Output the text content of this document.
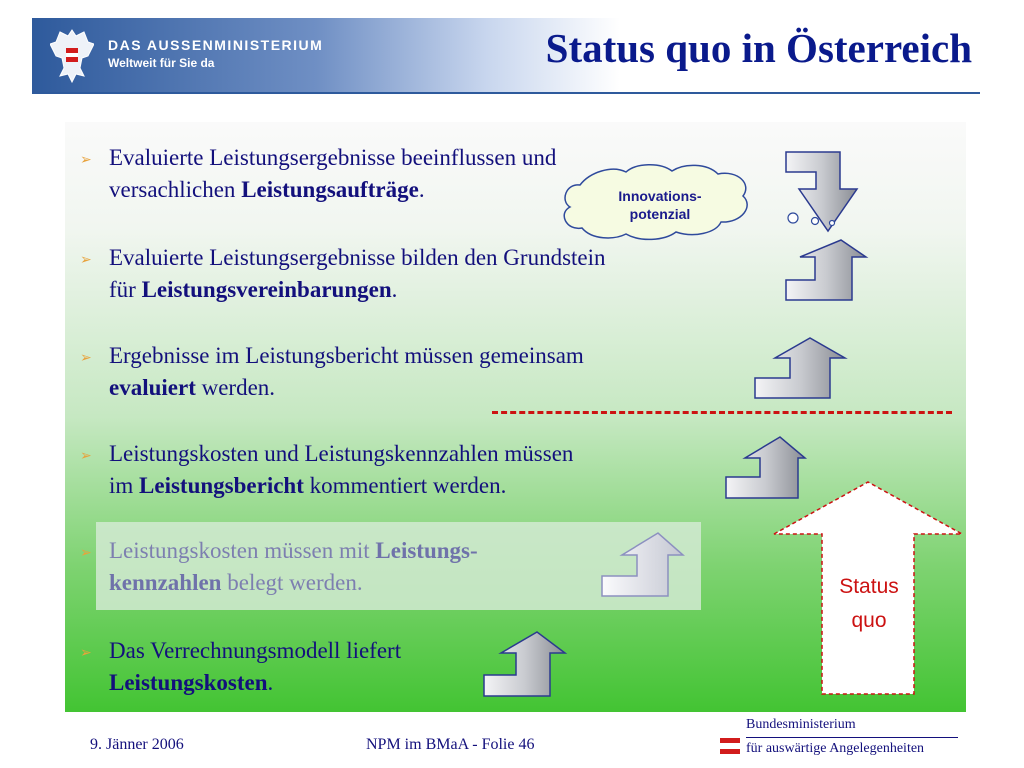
DAS AUSSENMINISTERIUM
Weltweit für Sie da	Status quo in Österreich
➢ Evaluierte Leistungsergebnisse beeinflussen und
versachlichen Leistungsaufträge.
➢ Evaluierte Leistungsergebnisse bilden den Grundstein
für Leistungsvereinbarungen.
➢ Ergebnisse im Leistungsbericht müssen gemeinsam
evaluiert werden.
➢ Leistungskosten und Leistungskennzahlen müssen
im Leistungsbericht kommentiert werden.
➢ Leistungskosten müssen mit Leistungs-
kennzahlen belegt werden.
➢ Das Verrechnungsmodell liefert
Leistungskosten.
Innovations-
potenzial
Status
quo
9. Jänner 2006	NPM im BMaA - Folie 46
Bundesministerium
für auswärtige Angelegenheiten
